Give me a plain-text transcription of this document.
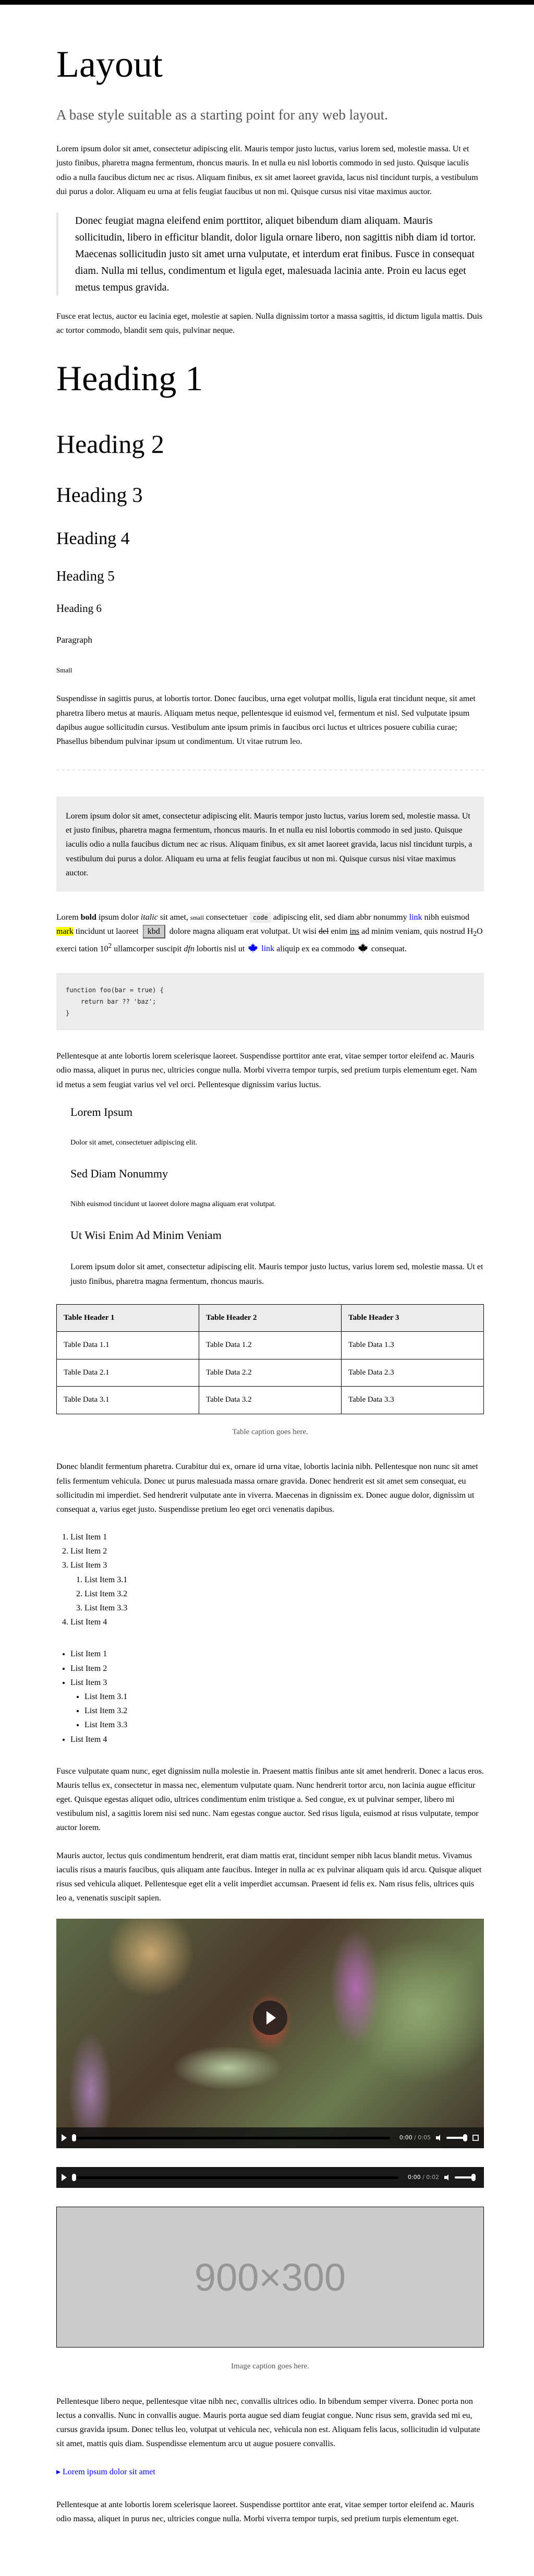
Layout

A base style suitable as a starting point for any web layout.

Lorem ipsum dolor sit amet, consectetur adipiscing elit. Mauris tempor justo luctus, varius lorem sed, molestie massa. Ut et justo finibus, pharetra magna fermentum, rhoncus mauris. In et nulla eu nisl lobortis commodo in sed justo. Quisque iaculis odio a nulla faucibus dictum nec ac risus. Aliquam finibus, ex sit amet laoreet gravida, lacus nisl tincidunt turpis, a vestibulum dui purus a dolor. Aliquam eu urna at felis feugiat faucibus ut non mi. Quisque cursus nisi vitae maximus auctor.

Donec feugiat magna eleifend enim porttitor, aliquet bibendum diam aliquam. Mauris sollicitudin, libero in efficitur blandit, dolor ligula ornare libero, non sagittis nibh diam id tortor. Maecenas sollicitudin justo sit amet urna vulputate, et interdum erat finibus. Fusce in consequat diam. Nulla mi tellus, condimentum et ligula eget, malesuada lacinia ante. Proin eu lacus eget metus tempus gravida.

Fusce erat lectus, auctor eu lacinia eget, molestie at sapien. Nulla dignissim tortor a massa sagittis, id dictum ligula mattis. Duis ac tortor commodo, blandit sem quis, pulvinar neque.

Heading 1
Heading 2
Heading 3
Heading 4
Heading 5
Heading 6

Paragraph

Small

Suspendisse in sagittis purus, at lobortis tortor. Donec faucibus, urna eget volutpat mollis, ligula erat tincidunt neque, sit amet pharetra libero metus at mauris. Aliquam metus neque, pellentesque id euismod vel, fermentum et nisl. Sed vulputate ipsum dapibus augue sollicitudin cursus. Vestibulum ante ipsum primis in faucibus orci luctus et ultrices posuere cubilia curae; Phasellus bibendum pulvinar ipsum ut condimentum. Ut vitae rutrum leo.

Lorem ipsum dolor sit amet, consectetur adipiscing elit. Mauris tempor justo luctus, varius lorem sed, molestie massa. Ut et justo finibus, pharetra magna fermentum, rhoncus mauris. In et nulla eu nisl lobortis commodo in sed justo. Quisque iaculis odio a nulla faucibus dictum nec ac risus. Aliquam finibus, ex sit amet laoreet gravida, lacus nisl tincidunt turpis, a vestibulum dui purus a dolor. Aliquam eu urna at felis feugiat faucibus ut non mi. Quisque cursus nisi vitae maximus auctor.

Lorem bold ipsum dolor italic sit amet, small consectetuer code adipiscing elit, sed diam abbr nonummy link nibh euismod mark tincidunt ut laoreet kbd dolore magna aliquam erat volutpat. Ut wisi del enim ins ad minim veniam, quis nostrud $H_2O$ exerci tation $10^2$ ullamcorper suscipit dfn lobortis nisl ut  link aliquip ex ea commodo  consequat.

function foo(bar = true) {
return bar ?? 'baz';
}

Pellentesque at ante lobortis lorem scelerisque laoreet. Suspendisse porttitor ante erat, vitae semper tortor eleifend ac. Mauris odio massa, aliquet in purus nec, ultricies congue nulla. Morbi viverra tempor turpis, sed pretium turpis elementum eget. Nam id metus a sem feugiat varius vel vel orci. Pellentesque dignissim varius luctus.

Lorem Ipsum

Dolor sit amet, consectetuer adipiscing elit.

Sed Diam Nonummy

Nibh euismod tincidunt ut laoreet dolore magna aliquam erat volutpat.

Ut Wisi Enim Ad Minim Veniam

Lorem ipsum dolor sit amet, consectetur adipiscing elit. Mauris tempor justo luctus, varius lorem sed, molestie massa. Ut et justo finibus, pharetra magna fermentum, rhoncus mauris.

Table Header 1	Table Header 2	Table Header 3
Table Data 1.1	Table Data 1.2	Table Data 1.3
Table Data 2.1	Table Data 2.2	Table Data 2.3
Table Data 3.1	Table Data 3.2	Table Data 3.3

Table caption goes here.

Donec blandit fermentum pharetra. Curabitur dui ex, ornare id urna vitae, lobortis lacinia nibh. Pellentesque non nunc sit amet felis fermentum vehicula. Donec ut purus malesuada massa ornare gravida. Donec hendrerit est sit amet sem consequat, eu sollicitudin mi imperdiet. Sed hendrerit vulputate ante in viverra. Maecenas in dignissim ex. Donec augue dolor, dignissim ut consequat a, varius eget justo. Suspendisse pretium leo eget orci venenatis dapibus.

1. List Item 1
2. List Item 2
3. List Item 3
1. List Item 3.1
2. List Item 3.2
3. List Item 3.3
4. List Item 4
• List Item 1
• List Item 2
• List Item 3
• List Item 3.1
• List Item 3.2
• List Item 3.3
• List Item 4

Fusce vulputate quam nunc, eget dignissim nulla molestie in. Praesent mattis finibus ante sit amet hendrerit. Donec a lacus eros. Mauris tellus ex, consectetur in massa nec, elementum vulputate quam. Nunc hendrerit tortor arcu, non lacinia augue efficitur eget. Quisque egestas aliquet odio, ultrices condimentum enim tristique a. Sed congue, ex ut pulvinar semper, libero mi vestibulum nisl, a sagittis lorem nisi sed nunc. Nam egestas congue auctor. Sed risus ligula, euismod at risus vulputate, tempor auctor lorem.

Mauris auctor, lectus quis condimentum hendrerit, erat diam mattis erat, tincidunt semper nibh lacus blandit metus. Vivamus iaculis risus a mauris faucibus, quis aliquam ante faucibus. Integer in nulla ac ex pulvinar aliquam quis id arcu. Quisque aliquet risus sed vehicula aliquet. Pellentesque eget elit a velit imperdiet accumsan. Praesent id felis ex. Nam risus felis, ultrices quis leo a, venenatis suscipit sapien.

0:00 / 0:05
0:00 / 0:02
900×300

Image caption goes here.

Pellentesque libero neque, pellentesque vitae nibh nec, convallis ultrices odio. In bibendum semper viverra. Donec porta non lectus a convallis. Nunc in convallis augue. Mauris porta augue sed diam feugiat congue. Nunc risus sem, gravida sed mi eu, cursus gravida ipsum. Donec tellus leo, volutpat ut vehicula nec, vehicula non est. Aliquam felis lacus, sollicitudin id vulputate sit amet, mattis quis diam. Suspendisse elementum arcu ut augue posuere convallis.

▸ Lorem ipsum dolor sit amet

Pellentesque at ante lobortis lorem scelerisque laoreet. Suspendisse porttitor ante erat, vitae semper tortor eleifend ac. Mauris odio massa, aliquet in purus nec, ultricies congue nulla. Morbi viverra tempor turpis, sed pretium turpis elementum eget.
